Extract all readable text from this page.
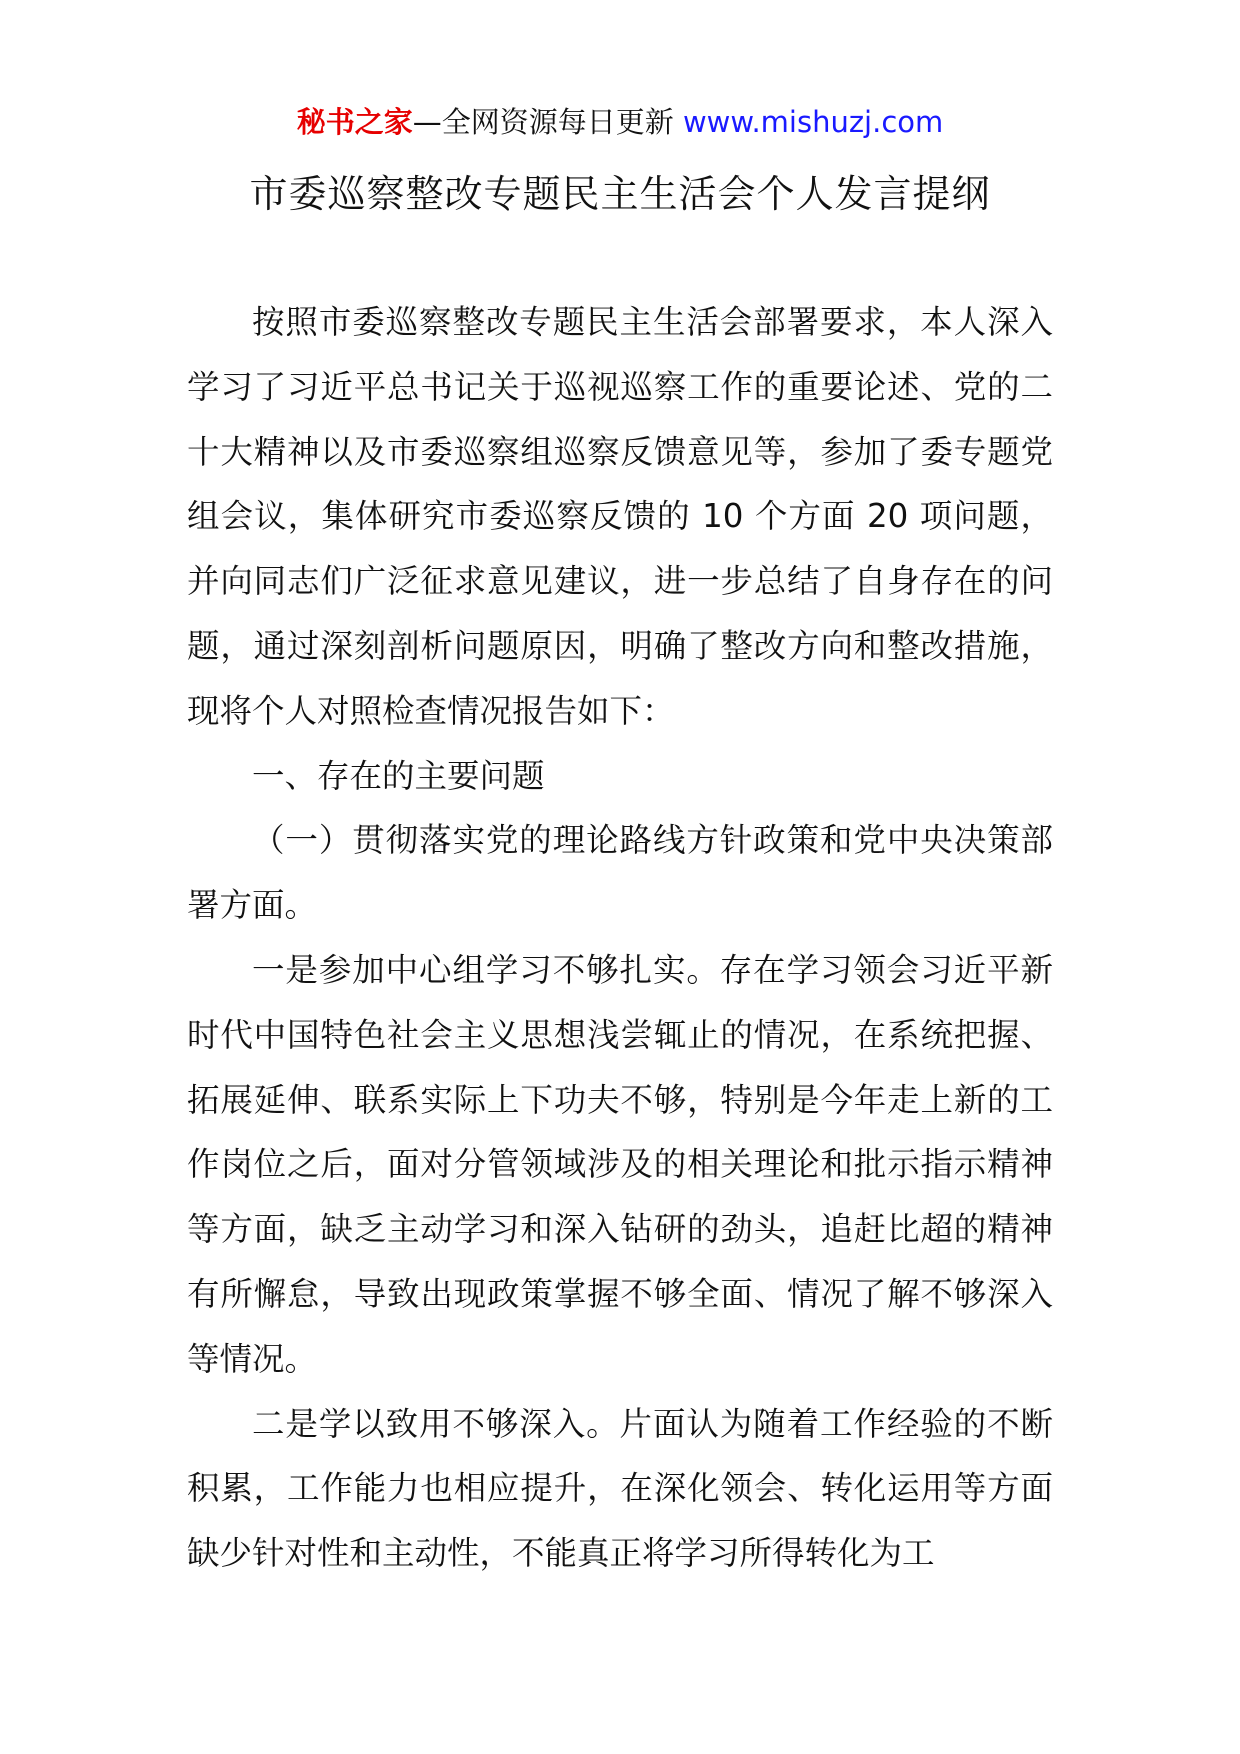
秘书之家—全网资源每日更新 www.mishuzj.com
市委巡察整改专题民主生活会个人发言提纲

按照市委巡察整改专题民主生活会部署要求，本人深入学习了习近平总书记关于巡视巡察工作的重要论述、党的二十大精神以及市委巡察组巡察反馈意见等，参加了委专题党组会议，集体研究市委巡察反馈的 10 个方面 20 项问题，并向同志们广泛征求意见建议，进一步总结了自身存在的问题，通过深刻剖析问题原因，明确了整改方向和整改措施，现将个人对照检查情况报告如下：

一、存在的主要问题

（一）贯彻落实党的理论路线方针政策和党中央决策部署方面。

一是参加中心组学习不够扎实。存在学习领会习近平新时代中国特色社会主义思想浅尝辄止的情况，在系统把握、拓展延伸、联系实际上下功夫不够，特别是今年走上新的工作岗位之后，面对分管领域涉及的相关理论和批示指示精神等方面，缺乏主动学习和深入钻研的劲头，追赶比超的精神有所懈怠，导致出现政策掌握不够全面、情况了解不够深入等情况。

二是学以致用不够深入。片面认为随着工作经验的不断积累，工作能力也相应提升，在深化领会、转化运用等方面缺少针对性和主动性，不能真正将学习所得转化为工
